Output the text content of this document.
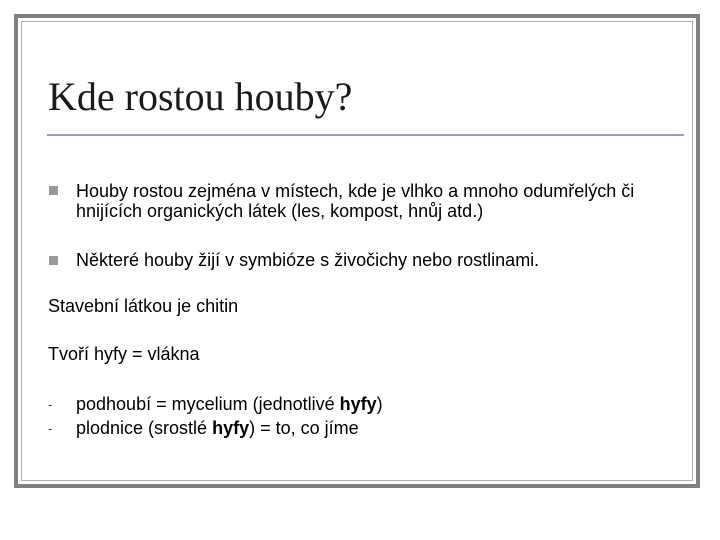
Kde rostou houby?

Houby rostou zejména v místech, kde je vlhko a mnoho odumřelých či hnijících organických látek (les, kompost, hnůj atd.)

Některé houby žijí v symbióze s živočichy nebo rostlinami.

Stavební látkou je chitin

Tvoří hyfy = vlákna

- podhoubí = mycelium (jednotlivé hyfy)

- plodnice (srostlé hyfy) = to, co jíme
